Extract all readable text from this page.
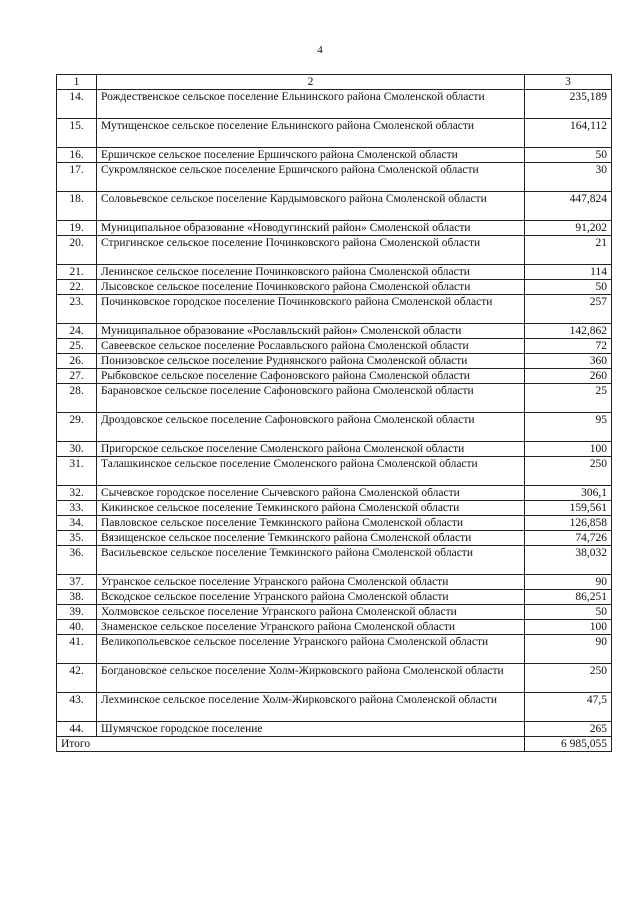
4
1	2	3
14.	Рождественское сельское поселение Ельнинского района Смоленской области	235,189
15.	Мутищенское сельское поселение Ельнинского района Смоленской области	164,112
16.	Ершичское сельское поселение Ершичского района Смоленской области	50
17.	Сукромлянское сельское поселение Ершичского района Смоленской области	30
18.	Соловьевское сельское поселение Кардымовского района Смоленской области	447,824
19.	Муниципальное образование «Новодугинский район» Смоленской области	91,202
20.	Стригинское сельское поселение Починковского района Смоленской области	21
21.	Ленинское сельское поселение Починковского района Смоленской области	114
22.	Лысовское сельское поселение Починковского района Смоленской области	50
23.	Починковское городское поселение Починковского района Смоленской области	257
24.	Муниципальное образование «Рославльский район» Смоленской области	142,862
25.	Савеевское сельское поселение Рославльского района Смоленской области	72
26.	Понизовское сельское поселение Руднянского района Смоленской области	360
27.	Рыбковское сельское поселение Сафоновского района Смоленской области	260
28.	Барановское сельское поселение Сафоновского района Смоленской области	25
29.	Дроздовское сельское поселение Сафоновского района Смоленской области	95
30.	Пригорское сельское поселение Смоленского района Смоленской области	100
31.	Талашкинское сельское поселение Смоленского района Смоленской области	250
32.	Сычевское городское поселение Сычевского района Смоленской области	306,1
33.	Кикинское сельское поселение Темкинского района Смоленской области	159,561
34.	Павловское сельское поселение Темкинского района Смоленской области	126,858
35.	Вязищенское сельское поселение Темкинского района Смоленской области	74,726
36.	Васильевское сельское поселение Темкинского района Смоленской области	38,032
37.	Угранское сельское поселение Угранского района Смоленской области	90
38.	Вскодское сельское поселение Угранского района Смоленской области	86,251
39.	Холмовское сельское поселение Угранского района Смоленской области	50
40.	Знаменское сельское поселение Угранского района Смоленской области	100
41.	Великопольевское сельское поселение Угранского района Смоленской области	90
42.	Богдановское сельское поселение Холм-Жирковского района Смоленской области	250
43.	Лехминское сельское поселение Холм-Жирковского района Смоленской области	47,5
44.	Шумячское городское поселение	265
Итого		6 985,055
